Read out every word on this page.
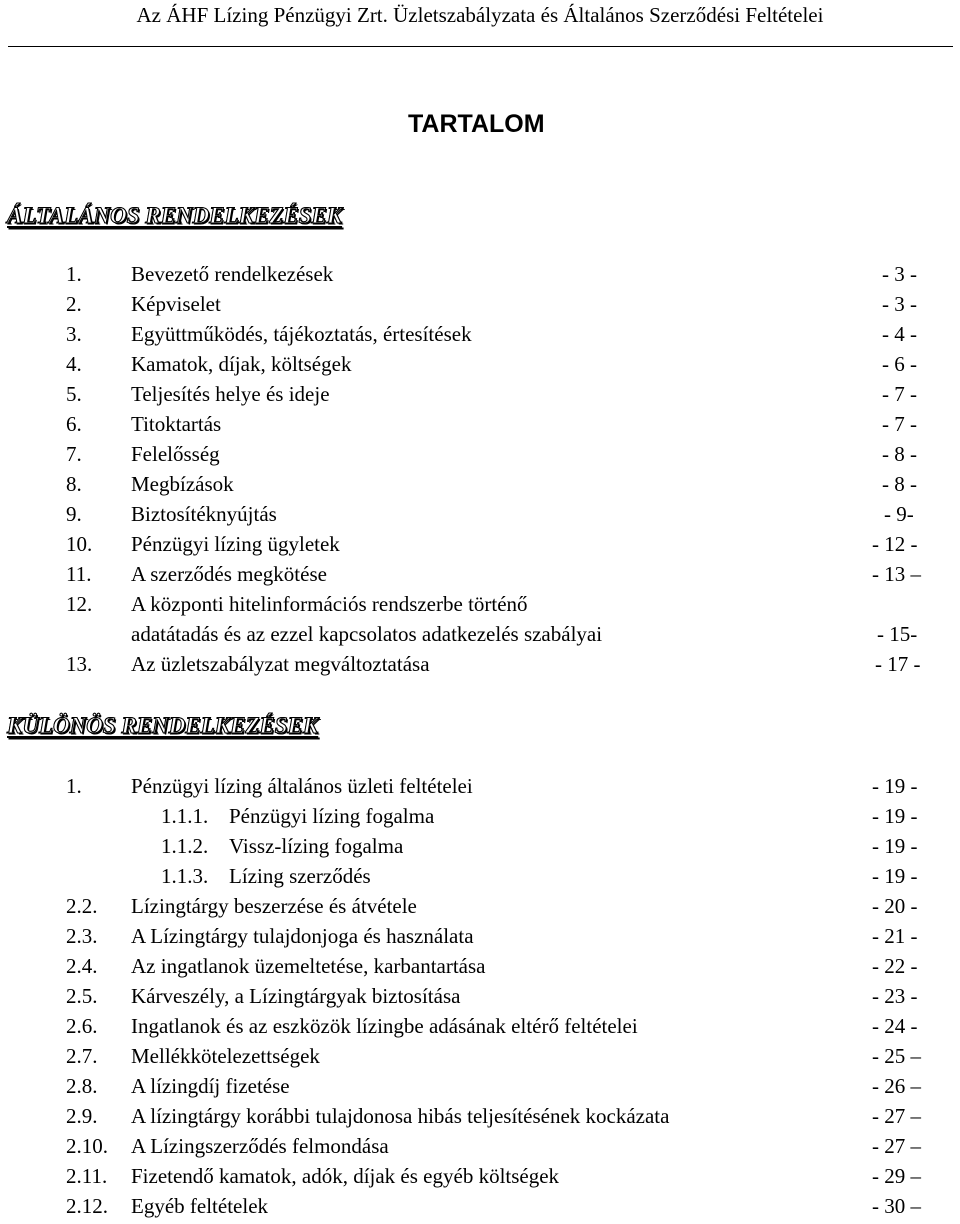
Az ÁHF Lízing Pénzügyi Zrt. Üzletszabályzata és Általános Szerződési Feltételei
TARTALOM
ÁLTALÁNOS RENDELKEZÉSEK
1. Bevezető rendelkezések	- 3 -
2. Képviselet	- 3 -
3. Együttműködés, tájékoztatás, értesítések	- 4 -
4. Kamatok, díjak, költségek	- 6 -
5. Teljesítés helye és ideje	- 7 -
6. Titoktartás	- 7 -
7. Felelősség	- 8 -
8. Megbízások	- 8 -
9. Biztosítéknyújtás	- 9-
10. Pénzügyi lízing ügyletek	- 12 -
11. A szerződés megkötése	- 13 –
12. A központi hitelinformációs rendszerbe történő
adatátadás és az ezzel kapcsolatos adatkezelés szabályai	- 15-
13. Az üzletszabályzat megváltoztatása	- 17 -
KÜLÖNÖS RENDELKEZÉSEK
1. Pénzügyi lízing általános üzleti feltételei	- 19 -
1.1.1. Pénzügyi lízing fogalma	- 19 -
1.1.2. Vissz-lízing fogalma	- 19 -
1.1.3. Lízing szerződés	- 19 -
2.2. Lízingtárgy beszerzése és átvétele	- 20 -
2.3. A Lízingtárgy tulajdonjoga és használata	- 21 -
2.4. Az ingatlanok üzemeltetése, karbantartása	- 22 -
2.5. Kárveszély, a Lízingtárgyak biztosítása	- 23 -
2.6. Ingatlanok és az eszközök lízingbe adásának eltérő feltételei	- 24 -
2.7. Mellékkötelezettségek	- 25 –
2.8. A lízingdíj fizetése	- 26 –
2.9. A lízingtárgy korábbi tulajdonosa hibás teljesítésének kockázata	- 27 –
2.10. A Lízingszerződés felmondása	- 27 –
2.11. Fizetendő kamatok, adók, díjak és egyéb költségek	- 29 –
2.12. Egyéb feltételek	- 30 –
